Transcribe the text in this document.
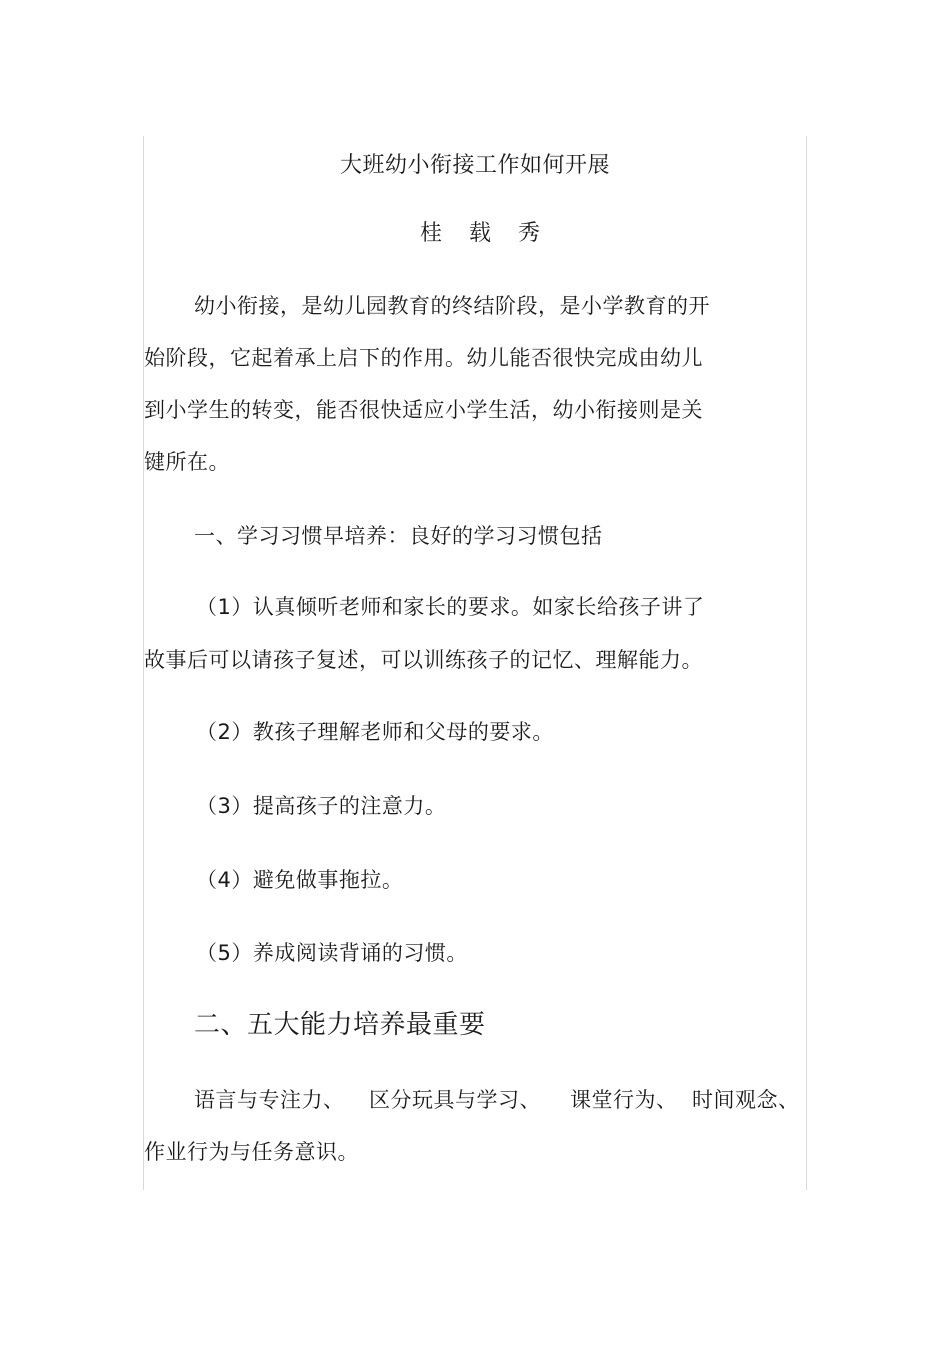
大班幼小衔接工作如何开展
桂 载 秀
幼小衔接，是幼儿园教育的终结阶段，是小学教育的开
始阶段，它起着承上启下的作用。幼儿能否很快完成由幼儿
到小学生的转变，能否很快适应小学生活，幼小衔接则是关
键所在。
一、学习习惯早培养：良好的学习习惯包括
（1）认真倾听老师和家长的要求。如家长给孩子讲了
故事后可以请孩子复述，可以训练孩子的记忆、理解能力。
（2）教孩子理解老师和父母的要求。
（3）提高孩子的注意力。
（4）避免做事拖拉。
（5）养成阅读背诵的习惯。
二、五大能力培养最重要
语言与专注力、 区分玩具与学习、 课堂行为、 时间观念、
作业行为与任务意识。
